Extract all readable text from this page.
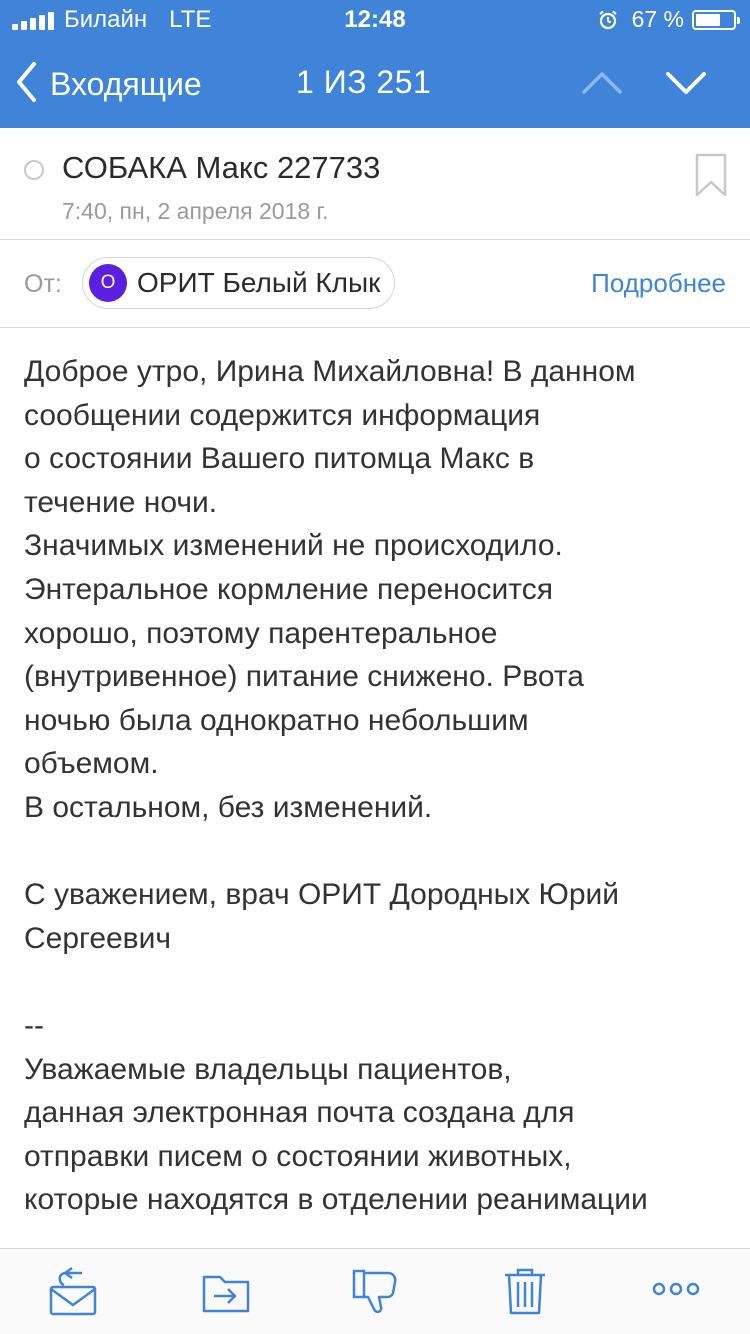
Билайн LTE	12:48	67 %
Входящие	1 ИЗ 251
СОБАКА Макс 227733
7:40, пн, 2 апреля 2018 г.
От:	О ОРИТ Белый Клык	Подробнее
Доброе утро, Ирина Михайловна! В данном
сообщении содержится информация
о состоянии Вашего питомца Макс в
течение ночи.
Значимых изменений не происходило.
Энтеральное кормление переносится
хорошо, поэтому парентеральное
(внутривенное) питание снижено. Рвота
ночью была однократно небольшим
объемом.
В остальном, без изменений.
С уважением, врач ОРИТ Дородных Юрий
Сергеевич
--
Уважаемые владельцы пациентов,
данная электронная почта создана для
отправки писем о состоянии животных,
которые находятся в отделении реанимации
